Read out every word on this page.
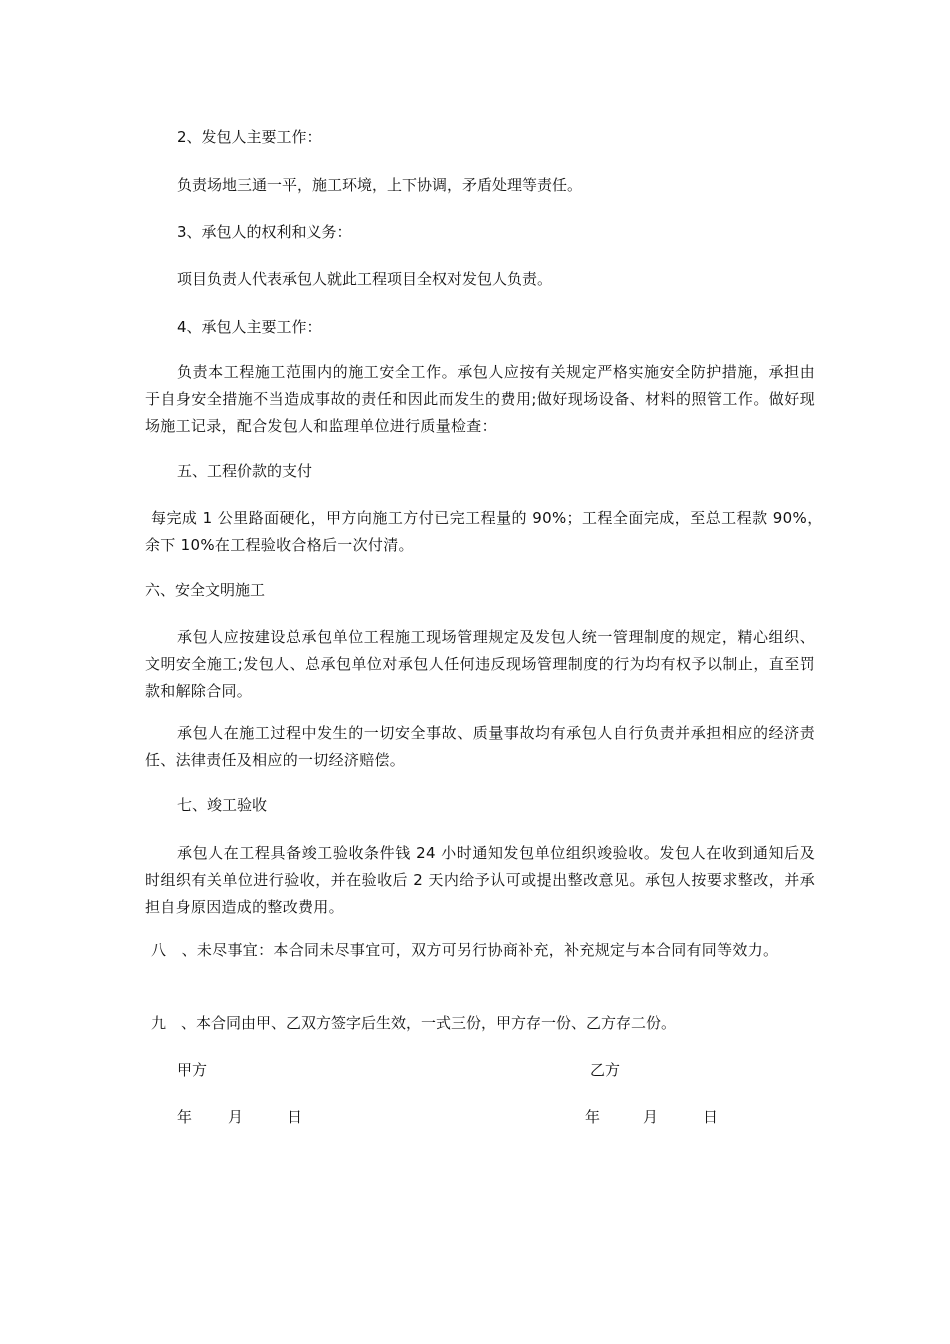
2、发包人主要工作：
负责场地三通一平，施工环境，上下协调，矛盾处理等责任。
3、承包人的权利和义务：
项目负责人代表承包人就此工程项目全权对发包人负责。
4、承包人主要工作：
负责本工程施工范围内的施工安全工作。承包人应按有关规定严格实施安全防护措施，承担由于自身安全措施不当造成事故的责任和因此而发生的费用;做好现场设备、材料的照管工作。做好现场施工记录，配合发包人和监理单位进行质量检查：
五、工程价款的支付
每完成 1 公里路面硬化，甲方向施工方付已完工程量的 90%；工程全面完成，至总工程款 90%，　余下 10%在工程验收合格后一次付清。
六、安全文明施工
承包人应按建设总承包单位工程施工现场管理规定及发包人统一管理制度的规定，精心组织、文明安全施工;发包人、总承包单位对承包人任何违反现场管理制度的行为均有权予以制止，直至罚款和解除合同。
承包人在施工过程中发生的一切安全事故、质量事故均有承包人自行负责并承担相应的经济责任、法律责任及相应的一切经济赔偿。
七、竣工验收
承包人在工程具备竣工验收条件钱 24 小时通知发包单位组织竣验收。发包人在收到通知后及时组织有关单位进行验收，并在验收后 2 天内给予认可或提出整改意见。承包人按要求整改，并承担自身原因造成的整改费用。
八　、未尽事宜：本合同未尽事宜可，双方可另行协商补充，补充规定与本合同有同等效力。
九　、本合同由甲、乙双方签字后生效，一式三份，甲方存一份、乙方存二份。
甲方	乙方
年 月	日	年	月	日
